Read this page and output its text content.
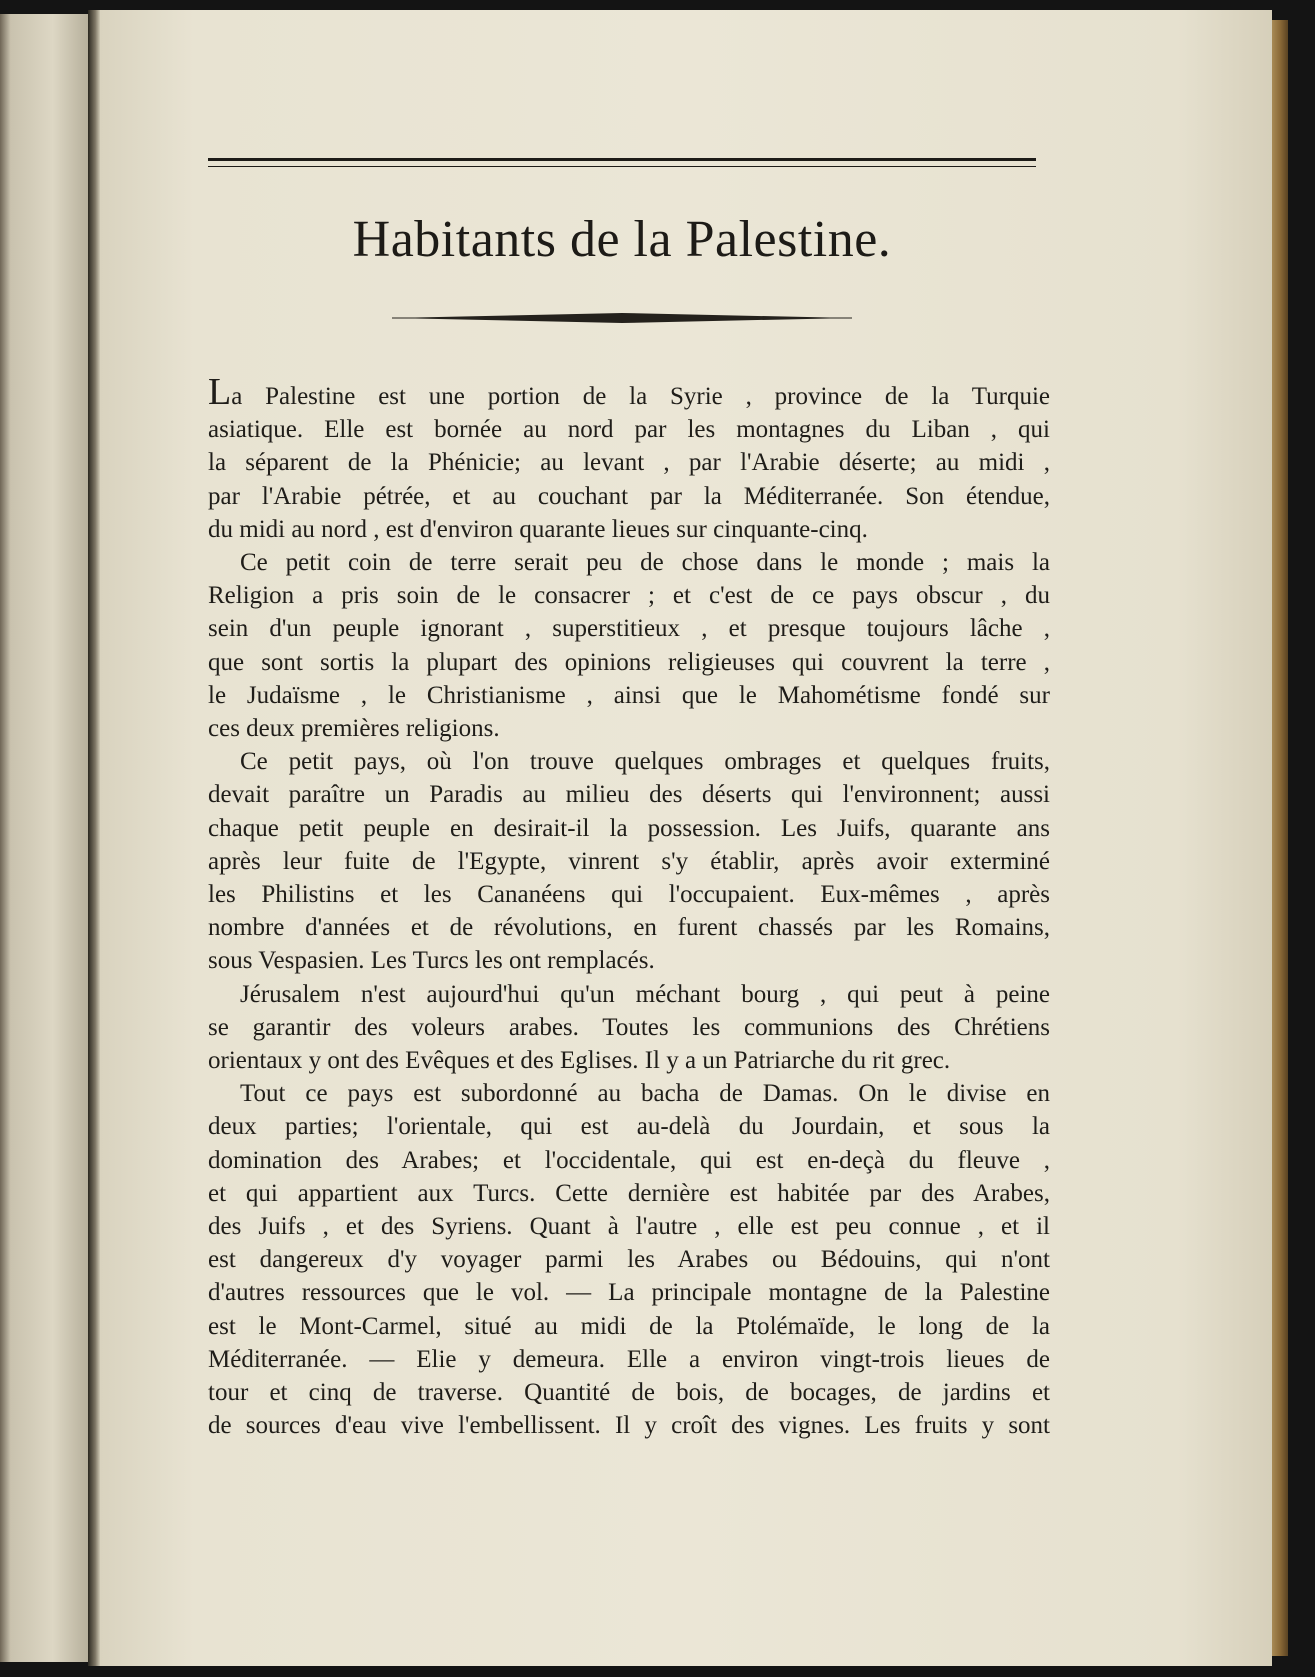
Habitants de la Palestine.
La Palestine est une portion de la Syrie , province de la Turquie
asiatique. Elle est bornée au nord par les montagnes du Liban , qui
la séparent de la Phénicie; au levant , par l'Arabie déserte; au midi ,
par l'Arabie pétrée, et au couchant par la Méditerranée. Son étendue,
du midi au nord , est d'environ quarante lieues sur cinquante-cinq.
Ce petit coin de terre serait peu de chose dans le monde ; mais la
Religion a pris soin de le consacrer ; et c'est de ce pays obscur , du
sein d'un peuple ignorant , superstitieux , et presque toujours lâche ,
que sont sortis la plupart des opinions religieuses qui couvrent la terre ,
le Judaïsme , le Christianisme , ainsi que le Mahométisme fondé sur
ces deux premières religions.
Ce petit pays, où l'on trouve quelques ombrages et quelques fruits,
devait paraître un Paradis au milieu des déserts qui l'environnent; aussi
chaque petit peuple en desirait-il la possession. Les Juifs, quarante ans
après leur fuite de l'Egypte, vinrent s'y établir, après avoir exterminé
les Philistins et les Cananéens qui l'occupaient. Eux-mêmes , après
nombre d'années et de révolutions, en furent chassés par les Romains,
sous Vespasien. Les Turcs les ont remplacés.
Jérusalem n'est aujourd'hui qu'un méchant bourg , qui peut à peine
se garantir des voleurs arabes. Toutes les communions des Chrétiens
orientaux y ont des Evêques et des Eglises. Il y a un Patriarche du rit grec.
Tout ce pays est subordonné au bacha de Damas. On le divise en
deux parties; l'orientale, qui est au-delà du Jourdain, et sous la
domination des Arabes; et l'occidentale, qui est en-deçà du fleuve ,
et qui appartient aux Turcs. Cette dernière est habitée par des Arabes,
des Juifs , et des Syriens. Quant à l'autre , elle est peu connue , et il
est dangereux d'y voyager parmi les Arabes ou Bédouins, qui n'ont
d'autres ressources que le vol. — La principale montagne de la Palestine
est le Mont-Carmel, situé au midi de la Ptolémaïde, le long de la
Méditerranée. — Elie y demeura. Elle a environ vingt-trois lieues de
tour et cinq de traverse. Quantité de bois, de bocages, de jardins et
de sources d'eau vive l'embellissent. Il y croît des vignes. Les fruits y sont
